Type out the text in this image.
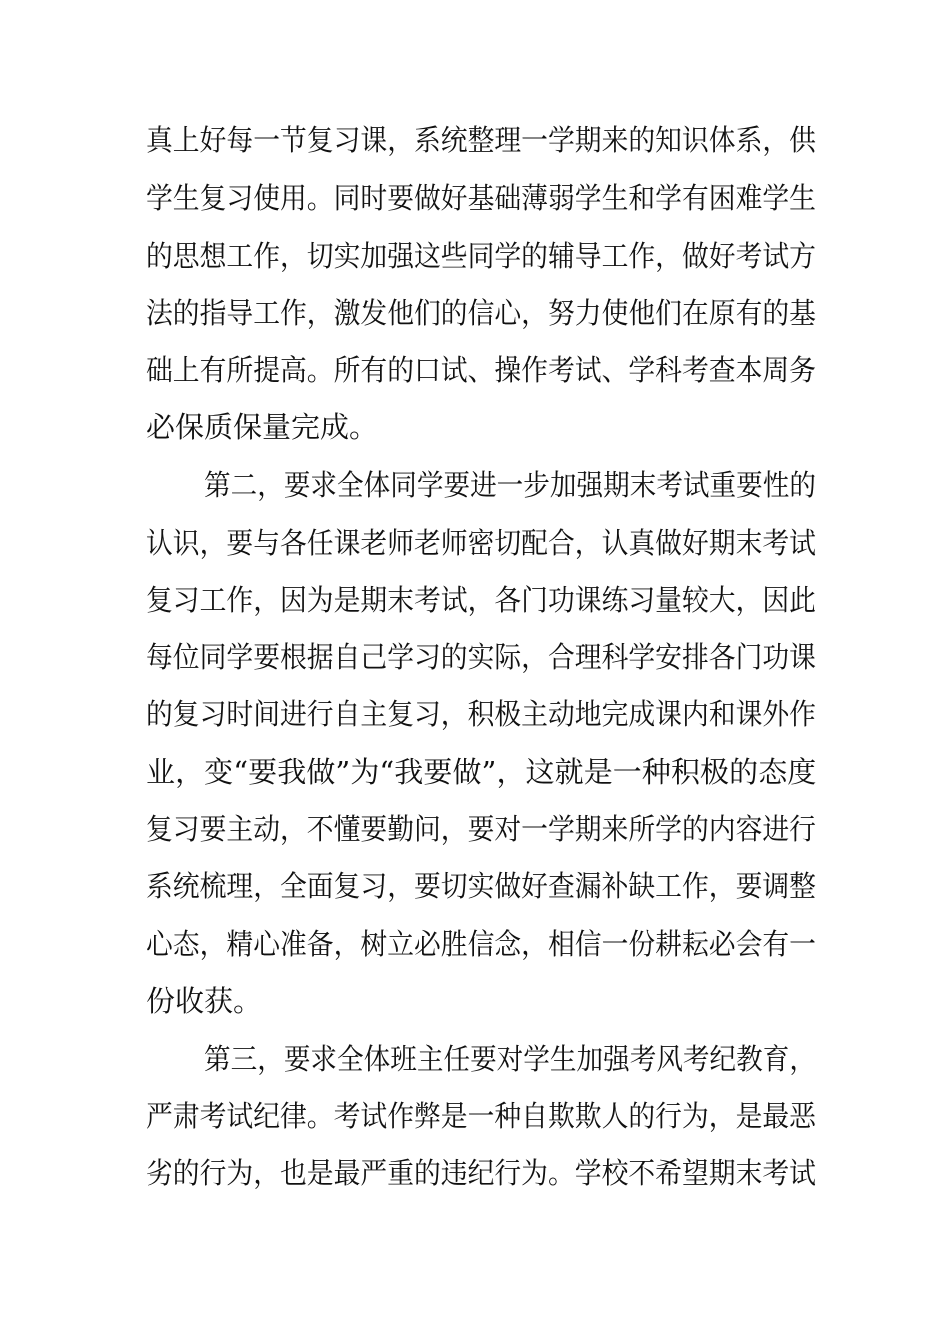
真上好每一节复习课，系统整理一学期来的知识体系，供
学生复习使用。同时要做好基础薄弱学生和学有困难学生
的思想工作，切实加强这些同学的辅导工作，做好考试方
法的指导工作，激发他们的信心，努力使他们在原有的基
础上有所提高。所有的口试、操作考试、学科考查本周务
必保质保量完成。
第二，要求全体同学要进一步加强期末考试重要性的
认识，要与各任课老师老师密切配合，认真做好期末考试
复习工作，因为是期末考试，各门功课练习量较大，因此
每位同学要根据自己学习的实际，合理科学安排各门功课
的复习时间进行自主复习，积极主动地完成课内和课外作
业，变“要我做”为“我要做”，这就是一种积极的态度
复习要主动，不懂要勤问，要对一学期来所学的内容进行
系统梳理，全面复习，要切实做好查漏补缺工作，要调整
心态，精心准备，树立必胜信念，相信一份耕耘必会有一
份收获。
第三，要求全体班主任要对学生加强考风考纪教育，
严肃考试纪律。考试作弊是一种自欺欺人的行为，是最恶
劣的行为，也是最严重的违纪行为。学校不希望期末考试
